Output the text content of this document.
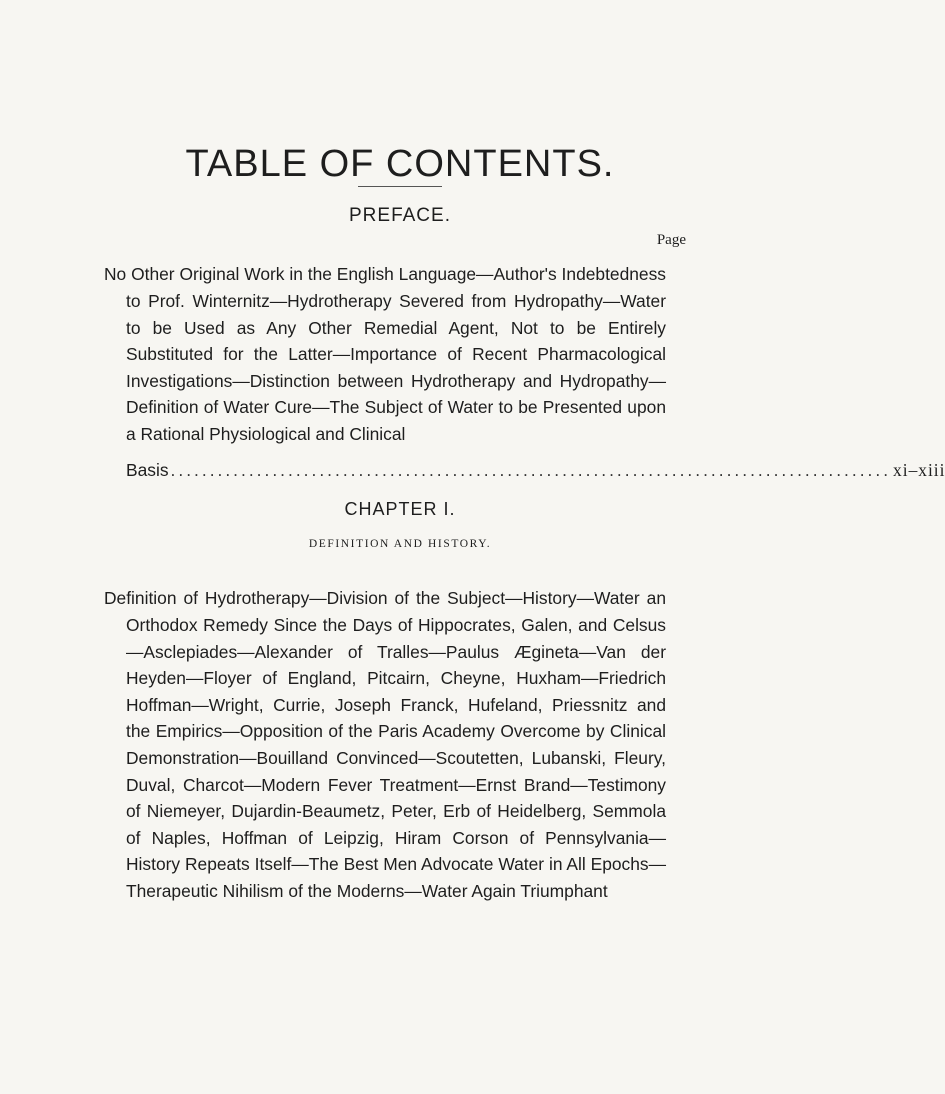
TABLE OF CONTENTS.
PREFACE.
Page

No Other Original Work in the English Language—Author's Indebtedness to Prof. Winternitz—Hydrotherapy Severed from Hydropathy—Water to be Used as Any Other Remedial Agent, Not to be Entirely Substituted for the Latter—Importance of Recent Pharmacological Investigations—Distinction between Hydrotherapy and Hydropathy—Definition of Water Cure—The Subject of Water to be Presented upon a Rational Physiological and Clinical

Basis ............................................................................................ xi–xiii
CHAPTER I.
DEFINITION AND HISTORY.

Definition of Hydrotherapy—Division of the Subject—History—Water an Orthodox Remedy Since the Days of Hippocrates, Galen, and Celsus—Asclepiades—Alexander of Tralles—Paulus Ægineta—Van der Heyden—Floyer of England, Pitcairn, Cheyne, Huxham—Friedrich Hoffman—Wright, Currie, Joseph Franck, Hufeland, Priessnitz and the Empirics—Opposition of the Paris Academy Overcome by Clinical Demonstration—Bouilland Convinced—Scoutetten, Lubanski, Fleury, Duval, Charcot—Modern Fever Treatment—Ernst Brand—Testimony of Niemeyer, Dujardin-Beaumetz, Peter, Erb of Heidelberg, Semmola of Naples, Hoffman of Leipzig, Hiram Corson of Pennsylvania—History Repeats Itself—The Best Men Advocate Water in All Epochs—Therapeutic Nihilism of the Moderns—Water Again Triumphant
